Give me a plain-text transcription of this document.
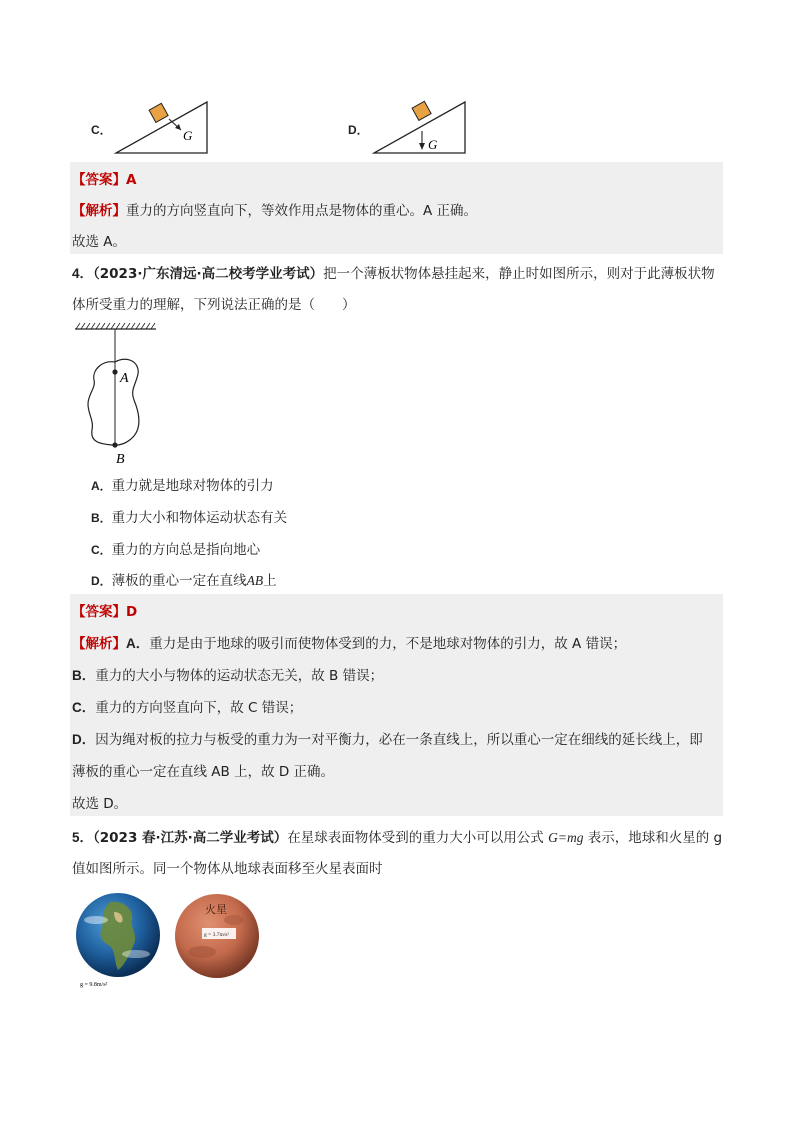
C．	G	D．
G
【答案】A
【解析】重力的方向竖直向下，等效作用点是物体的重心。A 正确。
故选 A。
4．（2023·广东清远·高二校考学业考试）把一个薄板状物体悬挂起来，静止时如图所示，则对于此薄板状物
体所受重力的理解，下列说法正确的是（　　）
A
B
A．重力就是地球对物体的引力
B．重力大小和物体运动状态有关
C．重力的方向总是指向地心
D．薄板的重心一定在直线AB上
【答案】D
【解析】A．重力是由于地球的吸引而使物体受到的力，不是地球对物体的引力，故 A 错误；
B．重力的大小与物体的运动状态无关，故 B 错误；
C．重力的方向竖直向下，故 C 错误；
D．因为绳对板的拉力与板受的重力为一对平衡力，必在一条直线上，所以重心一定在细线的延长线上，即
薄板的重心一定在直线 AB 上，故 D 正确。
故选 D。
5．（2023 春·江苏·高二学业考试）在星球表面物体受到的重力大小可以用公式 G=mg 表示，地球和火星的 g
值如图所示。同一个物体从地球表面移至火星表面时
g = 9.8m/s²
火星
g = 3.7m/s²
